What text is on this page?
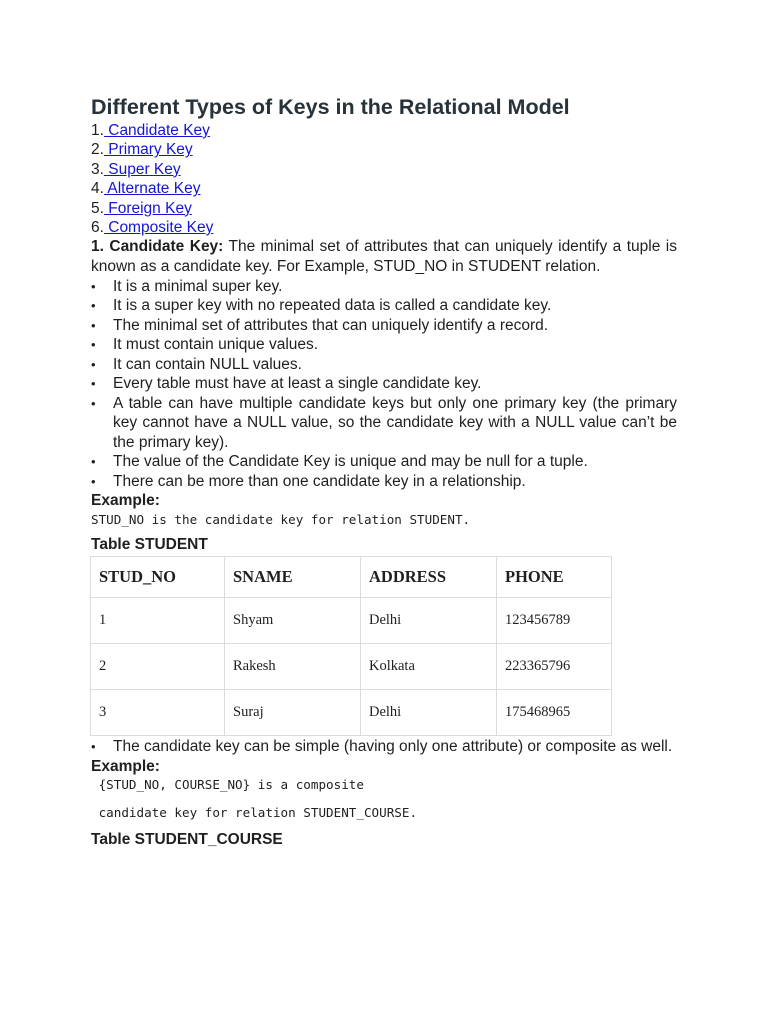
Different Types of Keys in the Relational Model
1. Candidate Key
2. Primary Key
3. Super Key
4. Alternate Key
5. Foreign Key
6. Composite Key

1. Candidate Key: The minimal set of attributes that can uniquely identify a tuple is known as a candidate key. For Example, STUD_NO in STUDENT relation.

• It is a minimal super key.
• It is a super key with no repeated data is called a candidate key.
• The minimal set of attributes that can uniquely identify a record.
• It must contain unique values.
• It can contain NULL values.
• Every table must have at least a single candidate key.
• A table can have multiple candidate keys but only one primary key (the primary key cannot have a NULL value, so the candidate key with a NULL value can’t be the primary key).
• The value of the Candidate Key is unique and may be null for a tuple.
• There can be more than one candidate key in a relationship.

Example:

STUD_NO is the candidate key for relation STUDENT.

Table STUDENT

STUD_NO	SNAME	ADDRESS	PHONE
1	Shyam	Delhi	123456789
2	Rakesh	Kolkata	223365796
3	Suraj	Delhi	175468965
• The candidate key can be simple (having only one attribute) or composite as well.

Example:

{STUD_NO, COURSE_NO} is a composite

candidate key for relation STUDENT_COURSE.

Table STUDENT_COURSE
